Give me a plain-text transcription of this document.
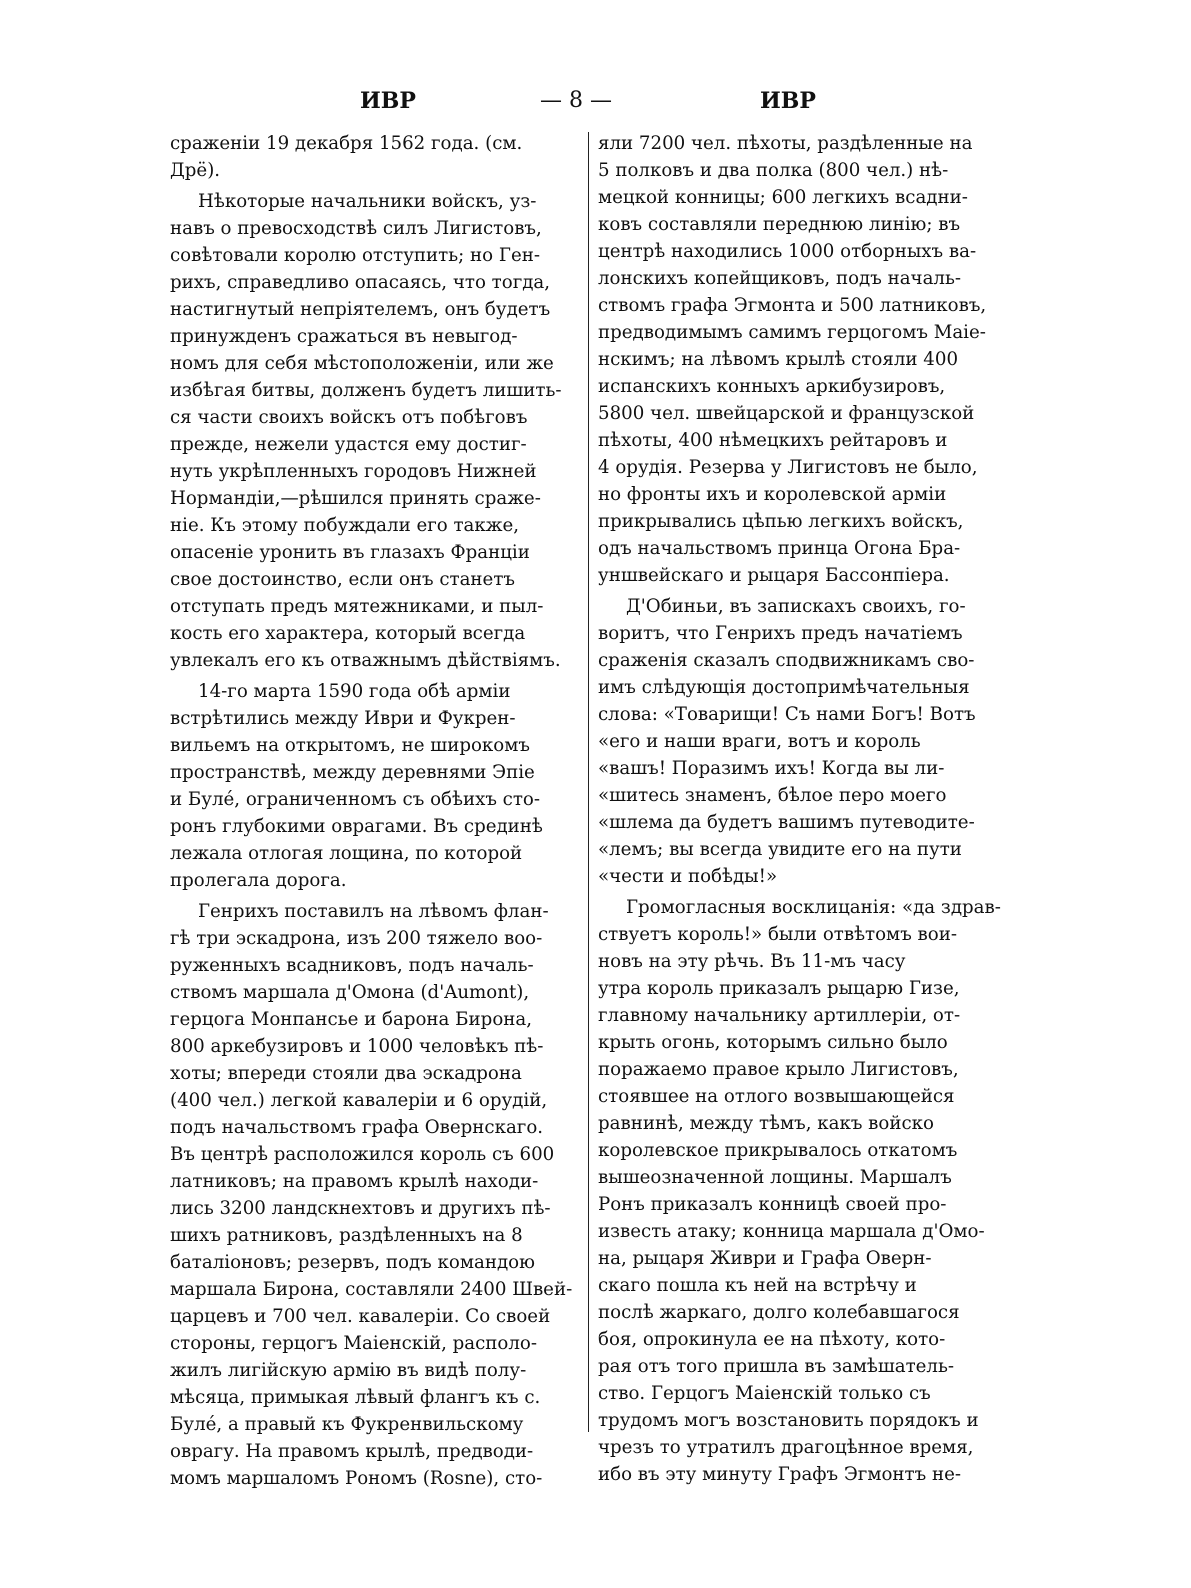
ИВР	— 8 —	ИВР

сраженіи 19 декабря 1562 года. (см.
Дрё).

Нѣкоторые начальники войскъ, уз-
навъ о превосходствѣ силъ Лигистовъ,
совѣтовали королю отступить; но Ген-
рихъ, справедливо опасаясь, что тогда,
настигнутый непріятелемъ, онъ будетъ
принужденъ сражаться въ невыгод-
номъ для себя мѣстоположеніи, или же
избѣгая битвы, долженъ будетъ лишить-
ся части своихъ войскъ отъ побѣговъ
прежде, нежели удастся ему достиг-
нуть укрѣпленныхъ городовъ Нижней
Нормандіи,—рѣшился принять сраже-
ніе. Къ этому побуждали его также,
опасеніе уронить въ глазахъ Франціи
свое достоинство, если онъ станетъ
отступать предъ мятежниками, и пыл-
кость его характера, который всегда
увлекалъ его къ отважнымъ дѣйствіямъ.

14-го марта 1590 года обѣ арміи
встрѣтились между Иври и Фукрен-
вильемъ на открытомъ, не широкомъ
пространствѣ, между деревнями Эпіе
и Булé, ограниченномъ съ обѣихъ сто-
ронъ глубокими оврагами. Въ срединѣ
лежала отлогая лощина, по которой
пролегала дорога.

Генрихъ поставилъ на лѣвомъ флан-
гѣ три эскадрона, изъ 200 тяжело воо-
руженныхъ всадниковъ, подъ началь-
ствомъ маршала д'Омона (d'Aumont),
герцога Монпансье и барона Бирона,
800 аркебузировъ и 1000 человѣкъ пѣ-
хоты; впереди стояли два эскадрона
(400 чел.) легкой кавалеріи и 6 орудій,
подъ начальствомъ графа Овернскаго.
Въ центрѣ расположился король съ 600
латниковъ; на правомъ крылѣ находи-
лись 3200 ландскнехтовъ и другихъ пѣ-
шихъ ратниковъ, раздѣленныхъ на 8
баталіоновъ; резервъ, подъ командою
маршала Бирона, составляли 2400 Швей-
царцевъ и 700 чел. кавалеріи. Со своей
стороны, герцогъ Маіенскій, располо-
жилъ лигійскую армію въ видѣ полу-
мѣсяца, примыкая лѣвый флангъ къ с.
Булé, а правый къ Фукренвильскому
оврагу. На правомъ крылѣ, предводи-
момъ маршаломъ Рономъ (Rosne), сто-

яли 7200 чел. пѣхоты, раздѣленные на
5 полковъ и два полка (800 чел.) нѣ-
мецкой конницы; 600 легкихъ всадни-
ковъ составляли переднюю линію; въ
центрѣ находились 1000 отборныхъ ва-
лонскихъ копейщиковъ, подъ началь-
ствомъ графа Эгмонта и 500 латниковъ,
предводимымъ самимъ герцогомъ Маіе-
нскимъ; на лѣвомъ крылѣ стояли 400
испанскихъ конныхъ аркибузировъ,
5800 чел. швейцарской и французской
пѣхоты, 400 нѣмецкихъ рейтаровъ и
4 орудія. Резерва у Лигистовъ не было,
но фронты ихъ и королевской арміи
прикрывались цѣпью легкихъ войскъ,
одъ начальствомъ принца Огона Бра-
уншвейскаго и рыцаря Бассонпіера.

Д'Обиньи, въ запискахъ своихъ, го-
воритъ, что Генрихъ предъ начатіемъ
сраженія сказалъ сподвижникамъ сво-
имъ слѣдующія достопримѣчательныя
слова: «Товарищи! Съ нами Богъ! Вотъ
«его и наши враги, вотъ и король
«вашъ! Поразимъ ихъ! Когда вы ли-
«шитесь знаменъ, бѣлое перо моего
«шлема да будетъ вашимъ путеводите-
«лемъ; вы всегда увидите его на пути
«чести и побѣды!»

Громогласныя восклицанія: «да здрав-
ствуетъ король!» были отвѣтомъ вои-
новъ на эту рѣчь. Въ 11-мъ часу
утра король приказалъ рыцарю Гизе,
главному начальнику артиллеріи, от-
крыть огонь, которымъ сильно было
поражаемо правое крыло Лигистовъ,
стоявшее на отлого возвышающейся
равнинѣ, между тѣмъ, какъ войско
королевское прикрывалось откатомъ
вышеозначенной лощины. Маршалъ
Ронъ приказалъ конницѣ своей про-
известь атаку; конница маршала д'Омо-
на, рыцаря Живри и Графа Оверн-
скаго пошла къ ней на встрѣчу и
послѣ жаркаго, долго колебавшагося
боя, опрокинула ее на пѣхоту, кото-
рая отъ того пришла въ замѣшатель-
ство. Герцогъ Маіенскій только съ
трудомъ могъ возстановить порядокъ и
чрезъ то утратилъ драгоцѣнное время,
ибо въ эту минуту Графъ Эгмонтъ не-
